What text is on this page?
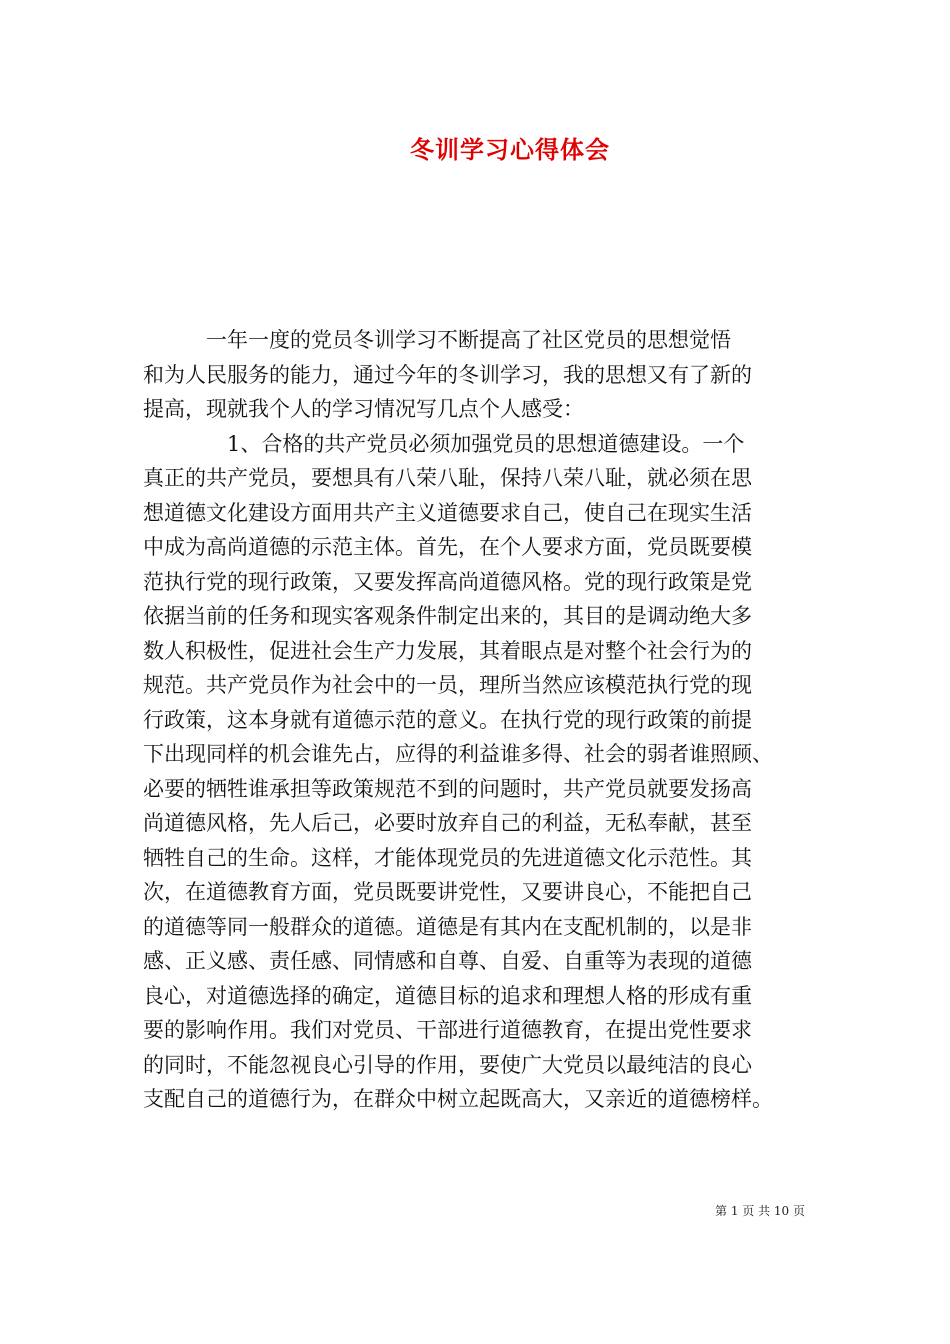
冬训学习心得体会
　　　一年一度的党员冬训学习不断提高了社区党员的思想觉悟
和为人民服务的能力，通过今年的冬训学习，我的思想又有了新的
提高，现就我个人的学习情况写几点个人感受：
　　　　1、合格的共产党员必须加强党员的思想道德建设。一个
真正的共产党员，要想具有八荣八耻，保持八荣八耻，就必须在思
想道德文化建设方面用共产主义道德要求自己，使自己在现实生活
中成为高尚道德的示范主体。首先，在个人要求方面，党员既要模
范执行党的现行政策，又要发挥高尚道德风格。党的现行政策是党
依据当前的任务和现实客观条件制定出来的，其目的是调动绝大多
数人积极性，促进社会生产力发展，其着眼点是对整个社会行为的
规范。共产党员作为社会中的一员，理所当然应该模范执行党的现
行政策，这本身就有道德示范的意义。在执行党的现行政策的前提
下出现同样的机会谁先占，应得的利益谁多得、社会的弱者谁照顾、
必要的牺牲谁承担等政策规范不到的问题时，共产党员就要发扬高
尚道德风格，先人后己，必要时放弃自己的利益，无私奉献，甚至
牺牲自己的生命。这样，才能体现党员的先进道德文化示范性。其
次，在道德教育方面，党员既要讲党性，又要讲良心，不能把自己
的道德等同一般群众的道德。道德是有其内在支配机制的，以是非
感、正义感、责任感、同情感和自尊、自爱、自重等为表现的道德
良心，对道德选择的确定，道德目标的追求和理想人格的形成有重
要的影响作用。我们对党员、干部进行道德教育，在提出党性要求
的同时，不能忽视良心引导的作用，要使广大党员以最纯洁的良心
支配自己的道德行为，在群众中树立起既高大，又亲近的道德榜样。
第 1 页 共 10 页
